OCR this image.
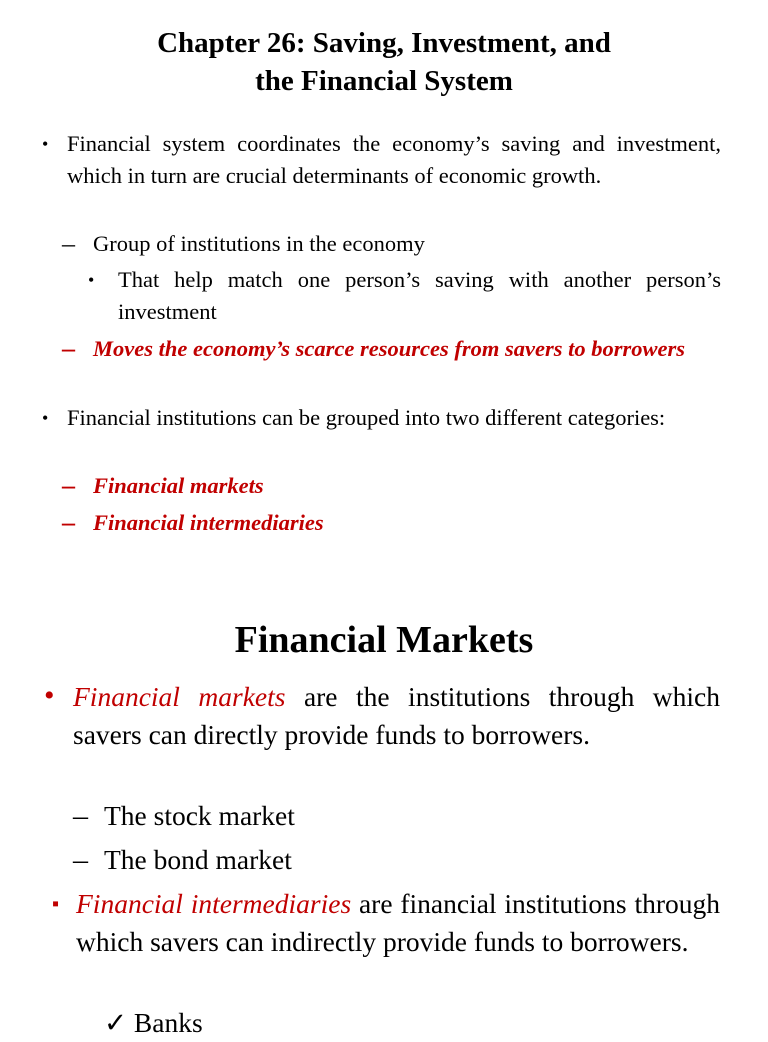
Chapter 26: Saving, Investment, and
the Financial System
• Financial system coordinates the economy’s saving and investment, which in turn are crucial determinants of economic growth.
– Group of institutions in the economy
• That help match one person’s saving with another person’s investment
– Moves the economy’s scarce resources from savers to borrowers
• Financial institutions can be grouped into two different categories:
– Financial markets
– Financial intermediaries
Financial Markets
• Financial markets are the institutions through which savers can directly provide funds to borrowers.
– The stock market
– The bond market
▪ Financial intermediaries are financial institutions through which savers can indirectly provide funds to borrowers.
✓ Banks
